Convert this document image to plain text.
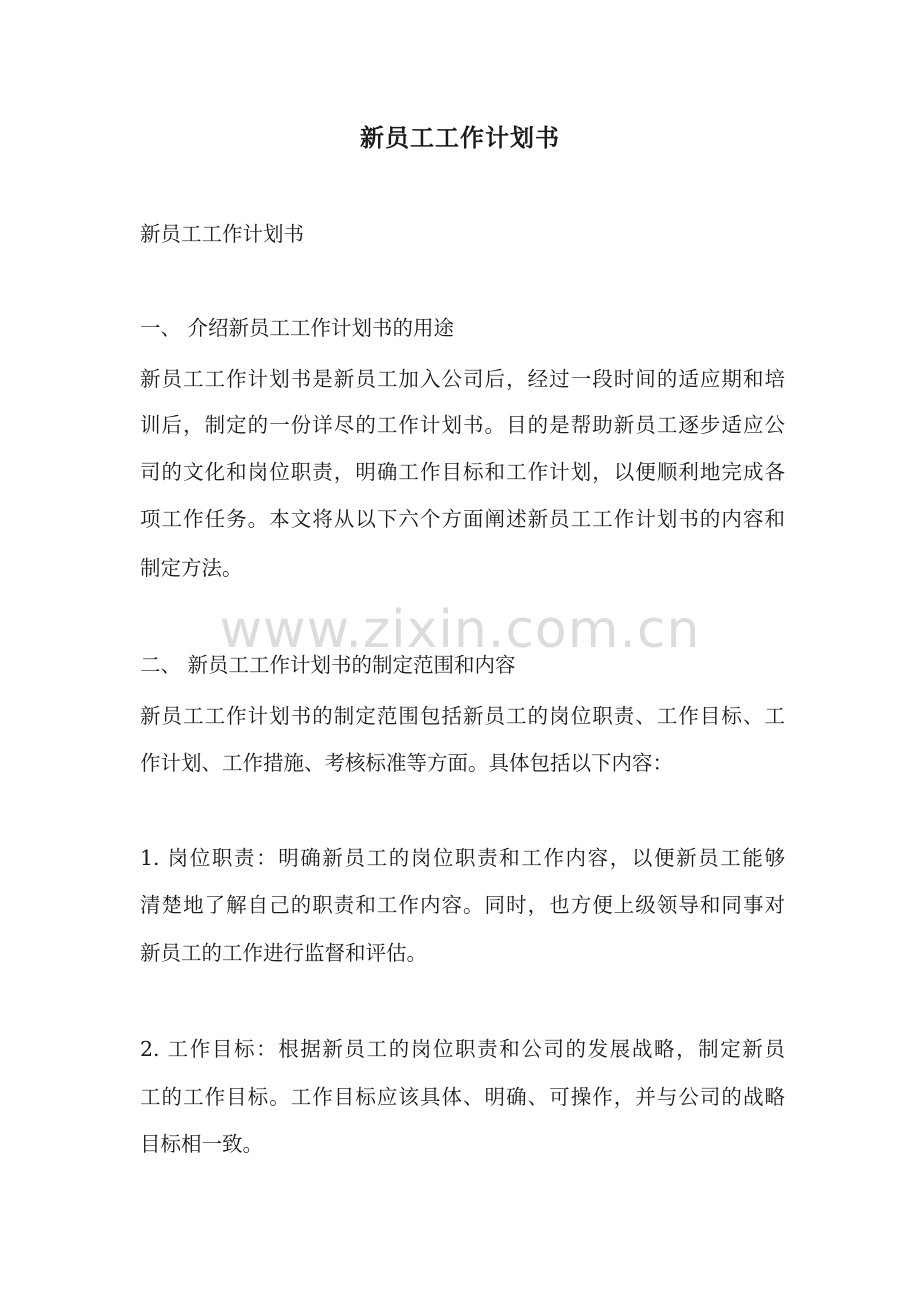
新员工工作计划书
新员工工作计划书
一、 介绍新员工工作计划书的用途
新员工工作计划书是新员工加入公司后，经过一段时间的适应期和培
训后，制定的一份详尽的工作计划书。目的是帮助新员工逐步适应公
司的文化和岗位职责，明确工作目标和工作计划，以便顺利地完成各
项工作任务。本文将从以下六个方面阐述新员工工作计划书的内容和
制定方法。
www.zixin.com.cn
二、 新员工工作计划书的制定范围和内容
新员工工作计划书的制定范围包括新员工的岗位职责、工作目标、工
作计划、工作措施、考核标准等方面。具体包括以下内容：
1. 岗位职责：明确新员工的岗位职责和工作内容，以便新员工能够
清楚地了解自己的职责和工作内容。同时，也方便上级领导和同事对
新员工的工作进行监督和评估。
2. 工作目标：根据新员工的岗位职责和公司的发展战略，制定新员
工的工作目标。工作目标应该具体、明确、可操作，并与公司的战略
目标相一致。
